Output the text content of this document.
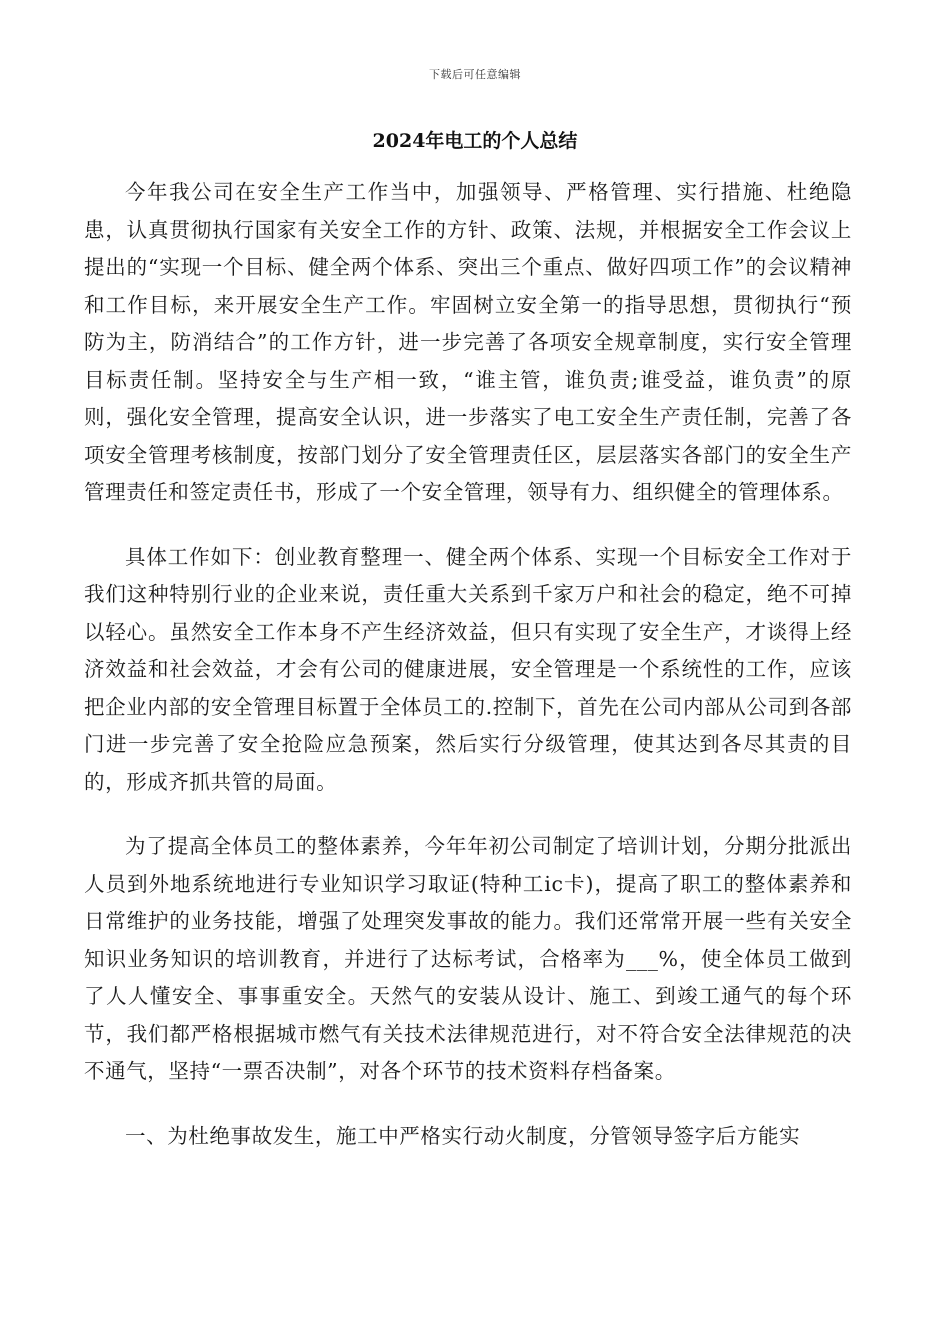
下载后可任意编辑
2024年电工的个人总结

今年我公司在安全生产工作当中，加强领导、严格管理、实行措施、杜绝隐患，认真贯彻执行国家有关安全工作的方针、政策、法规，并根据安全工作会议上提出的“实现一个目标、健全两个体系、突出三个重点、做好四项工作”的会议精神和工作目标，来开展安全生产工作。牢固树立安全第一的指导思想，贯彻执行“预防为主，防消结合”的工作方针，进一步完善了各项安全规章制度，实行安全管理目标责任制。坚持安全与生产相一致，“谁主管，谁负责;谁受益，谁负责”的原则，强化安全管理，提高安全认识，进一步落实了电工安全生产责任制，完善了各项安全管理考核制度，按部门划分了安全管理责任区，层层落实各部门的安全生产管理责任和签定责任书，形成了一个安全管理，领导有力、组织健全的管理体系。

具体工作如下：创业教育整理一、健全两个体系、实现一个目标安全工作对于我们这种特别行业的企业来说，责任重大关系到千家万户和社会的稳定，绝不可掉以轻心。虽然安全工作本身不产生经济效益，但只有实现了安全生产，才谈得上经济效益和社会效益，才会有公司的健康进展，安全管理是一个系统性的工作，应该把企业内部的安全管理目标置于全体员工的.控制下，首先在公司内部从公司到各部门进一步完善了安全抢险应急预案，然后实行分级管理，使其达到各尽其责的目的，形成齐抓共管的局面。

为了提高全体员工的整体素养，今年年初公司制定了培训计划，分期分批派出人员到外地系统地进行专业知识学习取证(特种工ic卡)，提高了职工的整体素养和日常维护的业务技能，增强了处理突发事故的能力。我们还常常开展一些有关安全知识业务知识的培训教育，并进行了达标考试，合格率为___%，使全体员工做到了人人懂安全、事事重安全。天然气的安装从设计、施工、到竣工通气的每个环节，我们都严格根据城市燃气有关技术法律规范进行，对不符合安全法律规范的决不通气，坚持“一票否决制”，对各个环节的技术资料存档备案。

一、为杜绝事故发生，施工中严格实行动火制度，分管领导签字后方能实
